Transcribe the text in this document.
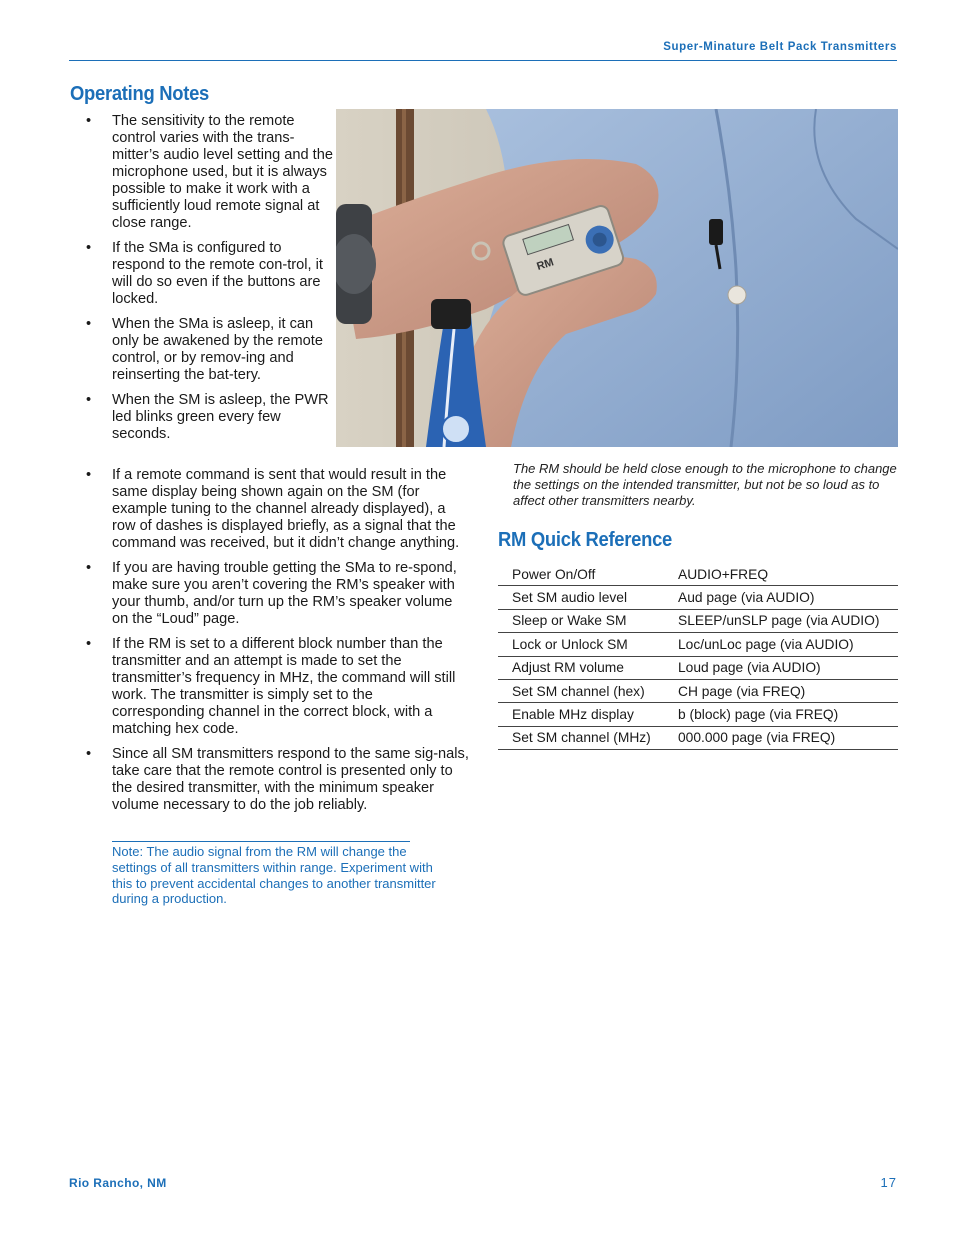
Super-Minature Belt Pack Transmitters
Operating Notes
• The sensitivity to the remote control varies with the trans-mitter’s audio level setting and the microphone used, but it is always possible to make it work with a sufficiently loud remote signal at close range.
• If the SMa is configured to respond to the remote con-trol, it will do so even if the buttons are locked.
• When the SMa is asleep, it can only be awakened by the remote control, or by remov-ing and reinserting the bat-tery.
• When the SM is asleep, the PWR led blinks green every few seconds.
• If a remote command is sent that would result in the same display being shown again on the SM (for example tuning to the channel already displayed), a row of dashes is displayed briefly, as a signal that the command was received, but it didn’t change anything.
• If you are having trouble getting the SMa to re-spond, make sure you aren’t covering the RM’s speaker with your thumb, and/or turn up the RM’s speaker volume on the “Loud” page.
• If the RM is set to a different block number than the transmitter and an attempt is made to set the transmitter’s frequency in MHz, the command will still work. The transmitter is simply set to the corresponding channel in the correct block, with a matching hex code.
• Since all SM transmitters respond to the same sig-nals, take care that the remote control is presented only to the desired transmitter, with the minimum speaker volume necessary to do the job reliably.
Note: The audio signal from the RM will change the settings of all transmitters within range. Experiment with this to prevent accidental changes to another transmitter during a production.
RM
The RM should be held close enough to the microphone to change the settings on the intended transmitter, but not be so loud as to affect other transmitters nearby.
RM Quick Reference
Power On/Off	AUDIO+FREQ
Set SM audio level	Aud page (via AUDIO)
Sleep or Wake SM	SLEEP/unSLP page (via AUDIO)
Lock or Unlock SM	Loc/unLoc page (via AUDIO)
Adjust RM volume	Loud page (via AUDIO)
Set SM channel (hex)	CH page (via FREQ)
Enable MHz display	b (block) page (via FREQ)
Set SM channel (MHz)	000.000 page (via FREQ)
Rio Rancho, NM	17
